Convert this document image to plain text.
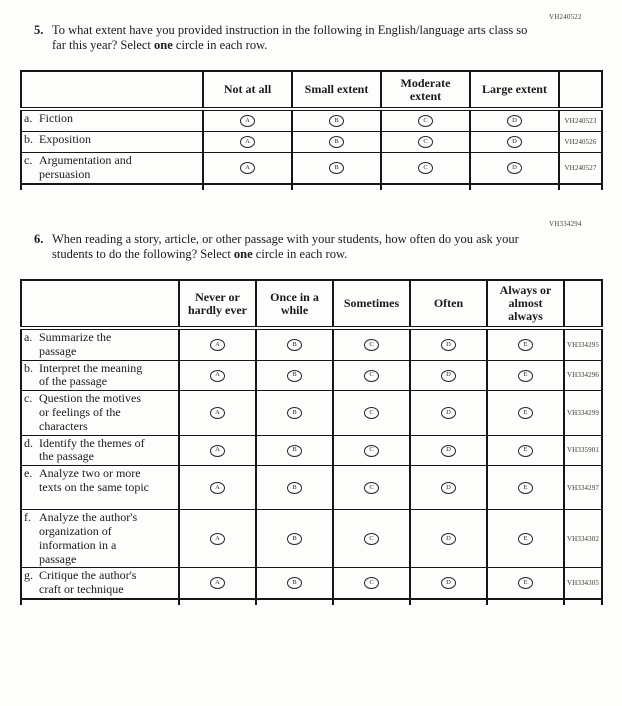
VH240522
5. To what extent have you provided instruction in the following in English/language arts class so far this year? Select one circle in each row.
	Not at all	Small extent	Moderate extent	Large extent	

a. Fiction	A	B	C	D	VH240523

b. Exposition	A	B	C	D	VH240526

c. Argumentation and persuasion	A	B	C	D	VH240527

VH334294
6. When reading a story, article, or other passage with your students, how often do you ask your students to do the following? Select one circle in each row.
	Never or hardly ever	Once in a while	Sometimes	Often	Always or almost always	

a. Summarize the passage	A	B	C	D	E	VH334295

b. Interpret the meaning of the passage	A	B	C	D	E	VH334296

c. Question the motives or feelings of the characters	A	B	C	D	E	VH334299

d. Identify the themes of the passage	A	B	C	D	E	VH335901

e. Analyze two or more texts on the same topic	A	B	C	D	E	VH334297

f. Analyze the author's organization of information in a passage	A	B	C	D	E	VH334302

g. Critique the author's craft or technique	A	B	C	D	E	VH334305
